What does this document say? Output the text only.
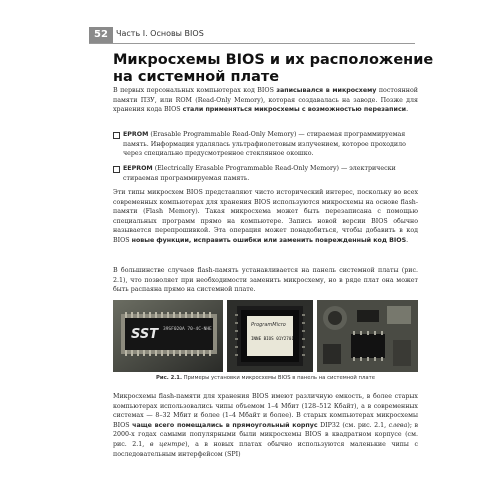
52	Часть I. Основы BIOS
Микросхемы BIOS и их расположение
на системной плате
В первых персональных компьютерах код BIOS записывался в микросхему постоянной памяти ПЗУ, или ROM (Read-Only Memory), которая создавалась на заводе. Позже для хранения кода BIOS стали применяться микросхемы с возможностью перезаписи.
EPROM (Erasable Programmable Read-Only Memory) — стираемая программируемая память. Информация удалялась ультрафиолетовым излучением, которое проходило через специально предусмотренное стеклянное окошко.
EEPROM (Electrically Erasable Programmable Read-Only Memory) — электрически стираемая программируемая память.
Эти типы микросхем BIOS представляют чисто исторический интерес, поскольку во всех современных компьютерах для хранения BIOS используются микросхемы на основе flash-памяти (Flash Memory). Такая микросхема может быть перезаписана с помощью специальных программ прямо на компьютере. Запись новой версии BIOS обычно называется перепрошивкой. Эта операция может понадобиться, чтобы добавить в код BIOS новые функции, исправить ошибки или заменить поврежденный код BIOS.
В большинстве случаев flash-память устанавливается на панель системной платы (рис. 2.1), что позволяет при необходимости заменить микросхему, но в ряде плат она может быть распаяна прямо на системной плате.
SST 39SF020A 70-4C-NHE
ProgramMicro
INNE BIOS 01Y270173
Рис. 2.1. Примеры установки микросхемы BIOS в панель на системной плате
Микросхемы flash-памяти для хранения BIOS имеют различную емкость, в более старых компьютерах использовались чипы объемом 1–4 Мбит (128–512 Кбайт), а в современных системах — 8–32 Мбит и более (1–4 Мбайт и более). В старых компьютерах микросхемы BIOS чаще всего помещались в прямоугольный корпус DIP32 (см. рис. 2.1, слева); в 2000-х годах самыми популярными были микросхемы BIOS в квадратном корпусе (см. рис. 2.1, в центре), а в новых платах обычно используются маленькие чипы с последовательным интерфейсом (SPI)
